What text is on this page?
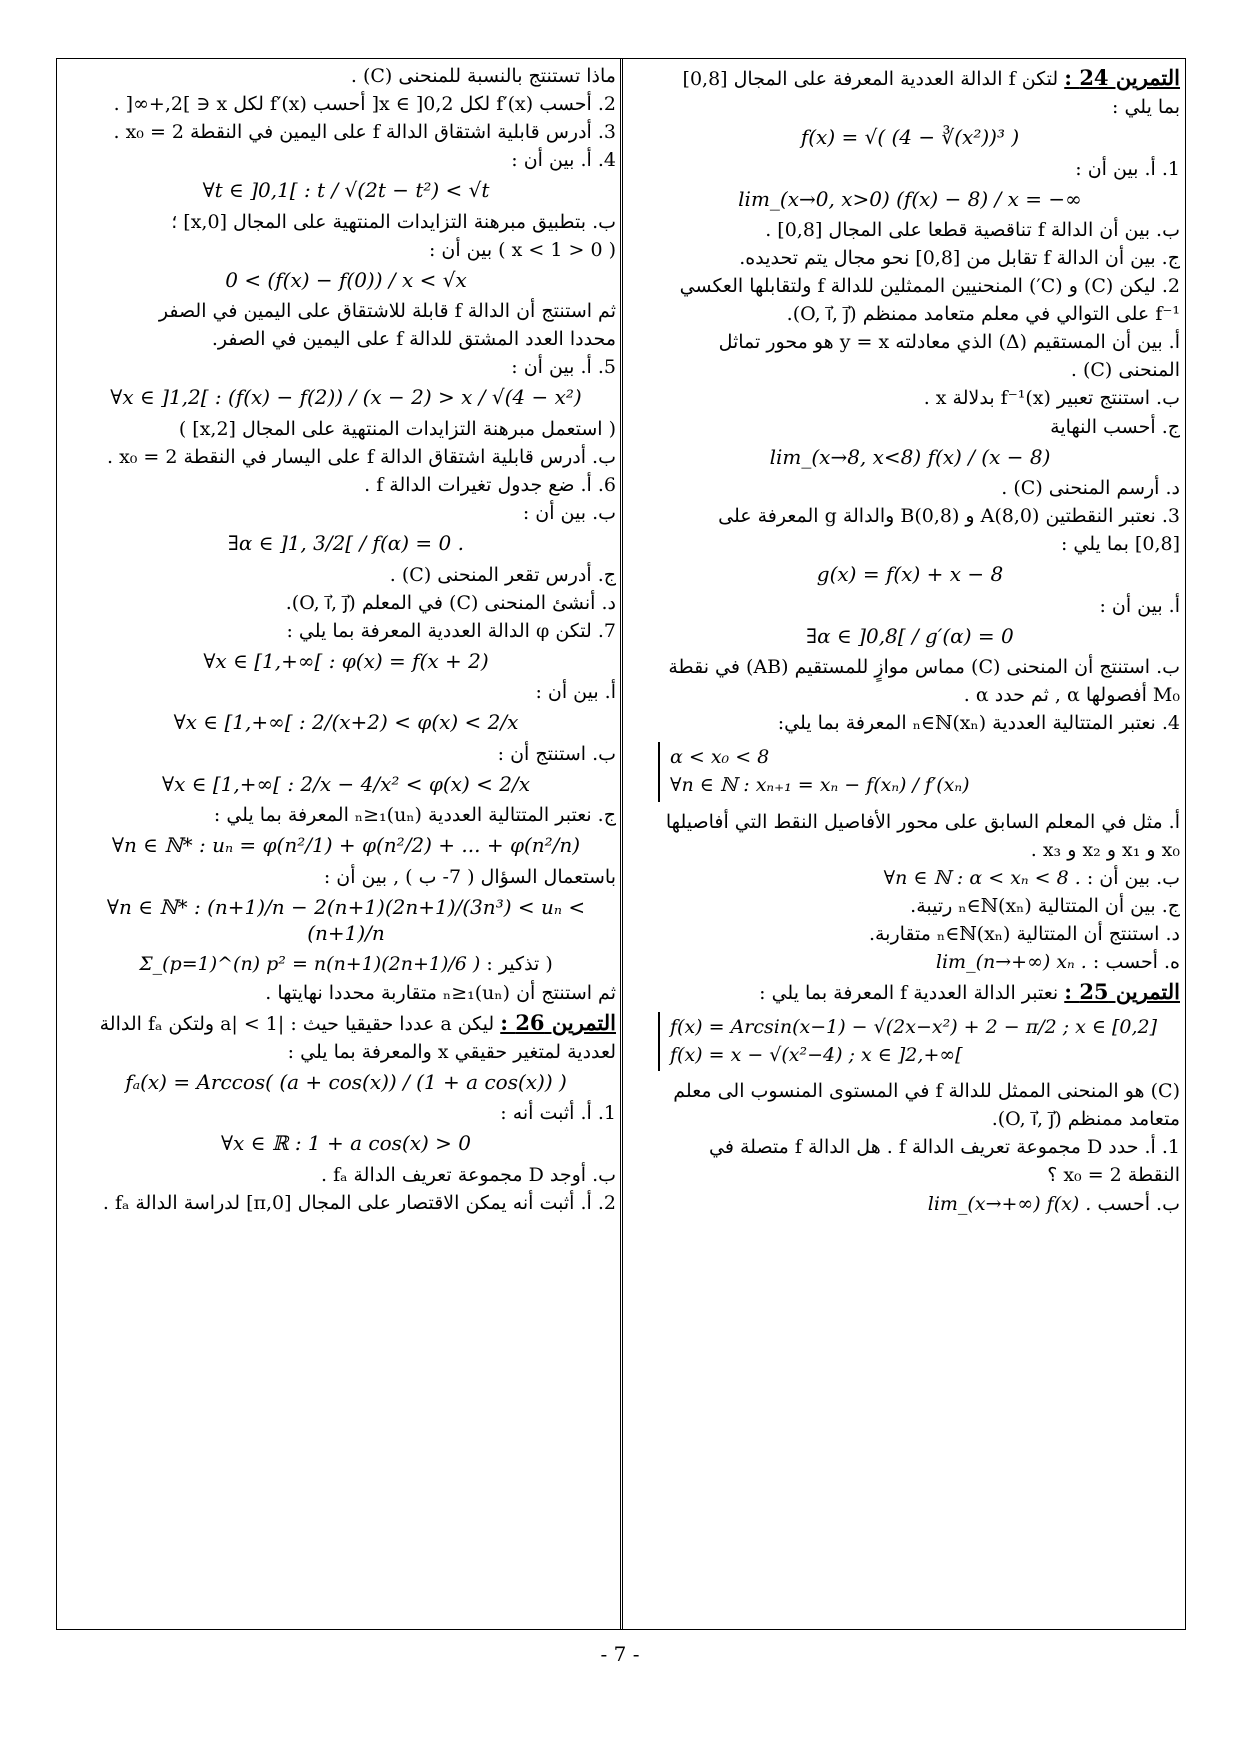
التمرين 24 : لتكن f الدالة العددية المعرفة على المجال [0,8]
بما يلي :
f(x) = √( (4 − ∛(x²))³ )
1. أ. بين أن :
lim_(x→0, x>0) (f(x) − 8) / x = −∞
ب. بين أن الدالة f تناقصية قطعا على المجال [0,8] .
ج. بين أن الدالة f تقابل من [0,8] نحو مجال يتم تحديده.
2. ليكن (C) و (C′) المنحنيين الممثلين للدالة f ولتقابلها العكسي
f⁻¹ على التوالي في معلم متعامد ممنظم (O, i⃗, j⃗).
أ. بين أن المستقيم (Δ) الذي معادلته y = x هو محور تماثل
المنحنى (C) .
ب. استنتج تعبير f⁻¹(x) بدلالة x .
ج. أحسب النهاية
lim_(x→8, x<8) f(x) / (x − 8)
د. أرسم المنحنى (C) .
3. نعتبر النقطتين A(8,0) و B(0,8) والدالة g المعرفة على
[0,8] بما يلي :
g(x) = f(x) + x − 8
أ. بين أن :
∃α ∈ ]0,8[ / g′(α) = 0
ب. استنتج أن المنحنى (C) مماس موازٍ للمستقيم (AB) في نقطة
M₀ أفصولها α , ثم حدد α .
4. نعتبر المتتالية العددية (xₙ)ₙ∈ℕ المعرفة بما يلي:
α < x₀ < 8
∀n ∈ ℕ : xₙ₊₁ = xₙ − f(xₙ) / f′(xₙ)
أ. مثل في المعلم السابق على محور الأفاصيل النقط التي أفاصيلها
x₀ و x₁ و x₂ و x₃ .
ب. بين أن : ∀n ∈ ℕ : α < xₙ < 8 .
ج. بين أن المتتالية (xₙ)ₙ∈ℕ رتيبة.
د. استنتج أن المتتالية (xₙ)ₙ∈ℕ متقاربة.
ه. أحسب : lim_(n→+∞) xₙ .
التمرين 25 : نعتبر الدالة العددية f المعرفة بما يلي :
f(x) = Arcsin(x−1) − √(2x−x²) + 2 − π/2 ; x ∈ [0,2]
f(x) = x − √(x²−4) ; x ∈ ]2,+∞[
(C) هو المنحنى الممثل للدالة f في المستوى المنسوب الى معلم
متعامد ممنظم (O, i⃗, j⃗).
1. أ. حدد D مجموعة تعريف الدالة f . هل الدالة f متصلة في
النقطة x₀ = 2 ؟
ب. أحسب lim_(x→+∞) f(x) .
ماذا تستنتج بالنسبة للمنحنى (C) .
2. أحسب f′(x) لكل x ∈ ]0,2[ أحسب f′(x) لكل x ∈ ]2,+∞[ .
3. أدرس قابلية اشتقاق الدالة f على اليمين في النقطة x₀ = 2 .
4. أ. بين أن :
∀t ∈ ]0,1[ : t / √(2t − t²) < √t
ب. بتطبيق مبرهنة التزايدات المنتهية على المجال [0,x] ؛
( 0 < x < 1 ) بين أن :
0 < (f(x) − f(0)) / x < √x
ثم استنتج أن الدالة f قابلة للاشتقاق على اليمين في الصفر
محددا العدد المشتق للدالة f على اليمين في الصفر.
5. أ. بين أن :
∀x ∈ ]1,2[ : (f(x) − f(2)) / (x − 2) > x / √(4 − x²)
( استعمل مبرهنة التزايدات المنتهية على المجال [x,2] )
ب. أدرس قابلية اشتقاق الدالة f على اليسار في النقطة x₀ = 2 .
6. أ. ضع جدول تغيرات الدالة f .
ب. بين أن :
∃α ∈ ]1, 3/2[ / f(α) = 0 .
ج. أدرس تقعر المنحنى (C) .
د. أنشئ المنحنى (C) في المعلم (O, i⃗, j⃗).
7. لتكن φ الدالة العددية المعرفة بما يلي :
∀x ∈ [1,+∞[ : φ(x) = f(x + 2)
أ. بين أن :
∀x ∈ [1,+∞[ : 2/(x+2) < φ(x) < 2/x
ب. استنتج أن :
∀x ∈ [1,+∞[ : 2/x − 4/x² < φ(x) < 2/x
ج. نعتبر المتتالية العددية (uₙ)ₙ≥₁ المعرفة بما يلي :
∀n ∈ ℕ* : uₙ = φ(n²/1) + φ(n²/2) + ... + φ(n²/n)
باستعمال السؤال ( 7- ب ) , بين أن :
∀n ∈ ℕ* : (n+1)/n − 2(n+1)(2n+1)/(3n³) < uₙ < (n+1)/n
( تذكير : Σ_(p=1)^(n) p² = n(n+1)(2n+1)/6 )
ثم استنتج أن (uₙ)ₙ≥₁ متقاربة محددا نهايتها .
التمرين 26 : ليكن a عددا حقيقيا حيث : |a| < 1 ولتكن fₐ الدالة
لعددية لمتغير حقيقي x والمعرفة بما يلي :
fₐ(x) = Arccos( (a + cos(x)) / (1 + a cos(x)) )
1. أ. أثبت أنه :
∀x ∈ ℝ : 1 + a cos(x) > 0
ب. أوجد D مجموعة تعريف الدالة fₐ .
2. أ. أثبت أنه يمكن الاقتصار على المجال [0,π] لدراسة الدالة fₐ .
- 7 -
